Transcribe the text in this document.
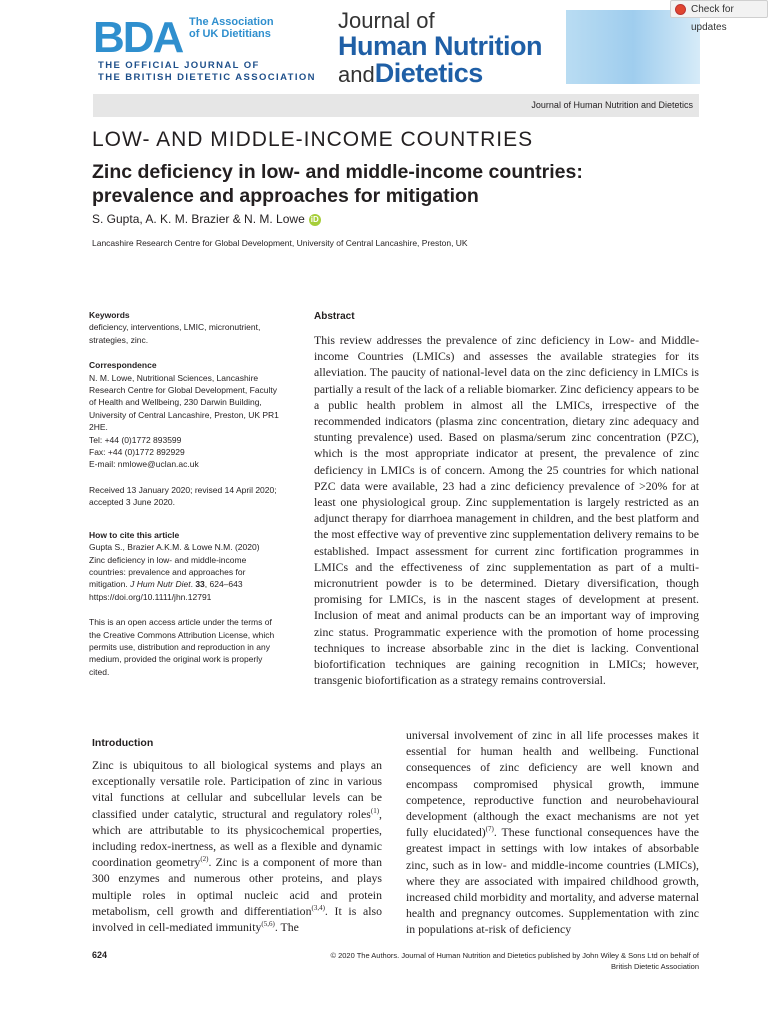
BDA The Association
of UK Dietitians
THE OFFICIAL JOURNAL OF
THE BRITISH DIETETIC ASSOCIATION
Journal of
Human Nutrition
andDietetics
Check for updates
Journal of Human Nutrition and Dietetics
LOW- AND MIDDLE-INCOME COUNTRIES
Zinc deficiency in low- and middle-income countries:
prevalence and approaches for mitigation
S. Gupta, A. K. M. Brazier & N. M. Lowe iD
Lancashire Research Centre for Global Development, University of Central Lancashire, Preston, UK
Keywords

deficiency, interventions, LMIC, micronutrient, strategies, zinc.

Correspondence

N. M. Lowe, Nutritional Sciences, Lancashire

Research Centre for Global Development, Faculty

of Health and Wellbeing, 230 Darwin Building,

University of Central Lancashire, Preston, UK PR1

2HE.

Tel: +44 (0)1772 893599

Fax: +44 (0)1772 892929

E-mail: nmlowe@uclan.ac.uk

Received 13 January 2020; revised 14 April 2020;

accepted 3 June 2020.

How to cite this article

Gupta S., Brazier A.K.M. & Lowe N.M. (2020)

Zinc deficiency in low- and middle-income

countries: prevalence and approaches for

mitigation. J Hum Nutr Diet. 33, 624–643

https://doi.org/10.1111/jhn.12791

This is an open access article under the terms of

the Creative Commons Attribution License, which

permits use, distribution and reproduction in any

medium, provided the original work is properly

cited.

Abstract
This review addresses the prevalence of zinc deficiency in Low- and Middle-income Countries (LMICs) and assesses the available strategies for its alleviation. The paucity of national-level data on the zinc deficiency in LMICs is partially a result of the lack of a reliable biomarker. Zinc deficiency appears to be a public health problem in almost all the LMICs, irrespective of the recommended indicators (plasma zinc concentration, dietary zinc adequacy and stunting prevalence) used. Based on plasma/serum zinc concentration (PZC), which is the most appropriate indicator at present, the prevalence of zinc deficiency in LMICs is of concern. Among the 25 countries for which national PZC data were available, 23 had a zinc deficiency prevalence of >20% for at least one physiological group. Zinc supplementation is largely restricted as an adjunct therapy for diarrhoea management in children, and the best platform and the most effective way of preventive zinc supplementation delivery remains to be established. Impact assessment for current zinc fortification programmes in LMICs and the effectiveness of zinc supplementation as part of a multi-micronutrient powder is to be determined. Dietary diversification, though promising for LMICs, is in the nascent stages of development at present. Inclusion of meat and animal products can be an important way of improving zinc status. Programmatic experience with the promotion of home processing techniques to increase absorbable zinc in the diet is lacking. Conventional biofortification techniques are gaining recognition in LMICs; however, transgenic biofortification as a strategy remains controversial.
Introduction
Zinc is ubiquitous to all biological systems and plays an exceptionally versatile role. Participation of zinc in various vital functions at cellular and subcellular levels can be classified under catalytic, structural and regulatory roles$^{(1)}$, which are attributable to its physicochemical properties, including redox-inertness, as well as a flexible and dynamic coordination geometry$^{(2)}$. Zinc is a component of more than 300 enzymes and numerous other proteins, and plays multiple roles in optimal nucleic acid and protein metabolism, cell growth and differentiation$^{(3,4)}$. It is also involved in cell-mediated immunity$^{(5,6)}$. The
universal involvement of zinc in all life processes makes it essential for human health and wellbeing. Functional consequences of zinc deficiency are well known and encompass compromised physical growth, immune competence, reproductive function and neurobehavioural development (although the exact mechanisms are not yet fully elucidated)$^{(7)}$. These functional consequences have the greatest impact in settings with low intakes of absorbable zinc, such as in low- and middle-income countries (LMICs), where they are associated with impaired childhood growth, increased child morbidity and mortality, and adverse maternal health and pregnancy outcomes. Supplementation with zinc in populations at-risk of deficiency
624	© 2020 The Authors. Journal of Human Nutrition and Dietetics published by John Wiley & Sons Ltd on behalf of
British Dietetic Association
